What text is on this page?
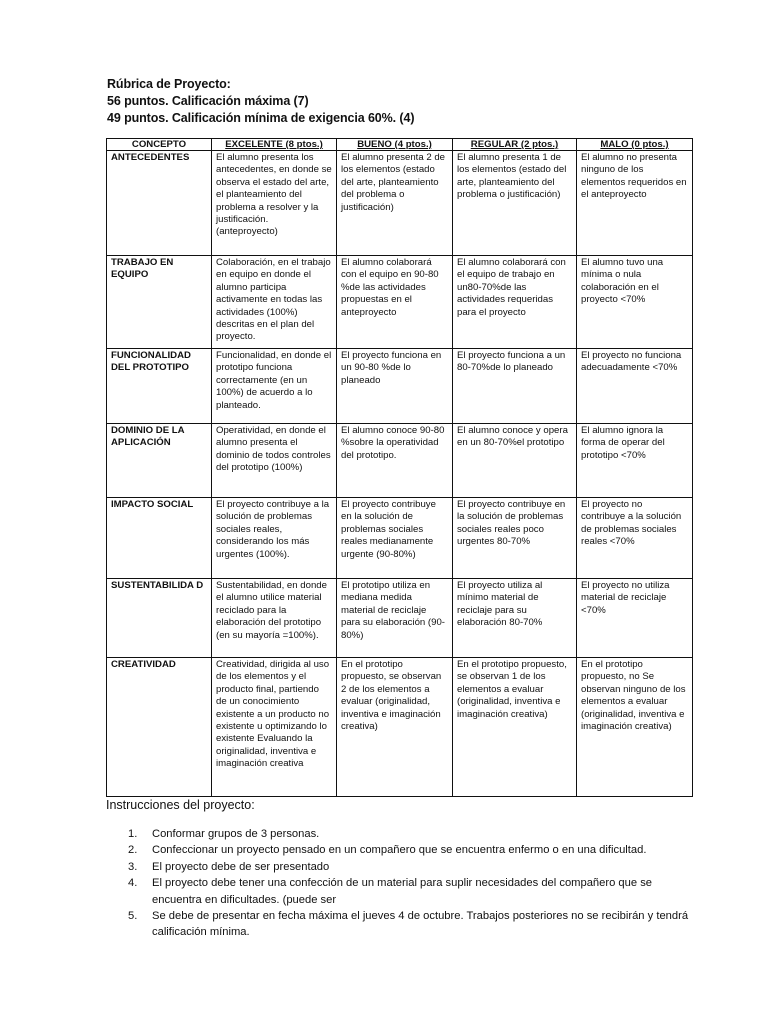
Rúbrica de Proyecto:
56 puntos. Calificación máxima (7)
49 puntos. Calificación mínima de exigencia 60%. (4)
CONCEPTO	EXCELENTE (8 ptos.)	BUENO (4 ptos.)	REGULAR (2 ptos.)	MALO (0 ptos.)
ANTECEDENTES	El alumno presenta los antecedentes, en donde se observa el estado del arte, el planteamiento del problema a resolver y la justificación. (anteproyecto)	El alumno presenta 2 de los elementos (estado del arte, planteamiento del problema o justificación)	El alumno presenta 1 de los elementos (estado del arte, planteamiento del problema o justificación)	El alumno no presenta ninguno de los elementos requeridos en el anteproyecto
TRABAJO EN EQUIPO	Colaboración, en el trabajo en equipo en donde el alumno participa activamente en todas las actividades (100%) descritas en el plan del proyecto.	El alumno colaborará con el equipo en 90-80 %de las actividades propuestas en el anteproyecto	El alumno colaborará con el equipo de trabajo en un80-70%de las actividades requeridas para el proyecto	El alumno tuvo una mínima o nula colaboración en el proyecto <70%
FUNCIONALIDAD DEL PROTOTIPO	Funcionalidad, en donde el prototipo funciona correctamente (en un 100%) de acuerdo a lo planteado.	El proyecto funciona en un 90-80 %de lo planeado	El proyecto funciona a un 80-70%de lo planeado	El proyecto no funciona adecuadamente <70%
DOMINIO DE LA APLICACIÓN	Operatividad, en donde el alumno presenta el dominio de todos controles del prototipo (100%)	El alumno conoce 90-80 %sobre la operatividad del prototipo.	El alumno conoce y opera en un 80-70%el prototipo	El alumno ignora la forma de operar del prototipo <70%
IMPACTO SOCIAL	El proyecto contribuye a la solución de problemas sociales reales, considerando los más urgentes (100%).	El proyecto contribuye en la solución de problemas sociales reales medianamente urgente (90-80%)	El proyecto contribuye en la solución de problemas sociales reales poco urgentes 80-70%	El proyecto no contribuye a la solución de problemas sociales reales <70%
SUSTENTABILIDA D	Sustentabilidad, en donde el alumno utilice material reciclado para la elaboración del prototipo (en su mayoría =100%).	El prototipo utiliza en mediana medida material de reciclaje para su elaboración (90-80%)	El proyecto utiliza al mínimo material de reciclaje para su elaboración 80-70%	El proyecto no utiliza material de reciclaje <70%
CREATIVIDAD	Creatividad, dirigida al uso de los elementos y el producto final, partiendo de un conocimiento existente a un producto no existente u optimizando lo existente Evaluando la originalidad, inventiva e imaginación creativa	En el prototipo propuesto, se observan 2 de los elementos a evaluar (originalidad, inventiva e imaginación creativa)	En el prototipo propuesto, se observan 1 de los elementos a evaluar (originalidad, inventiva e imaginación creativa)	En el prototipo propuesto, no Se observan ninguno de los elementos a evaluar (originalidad, inventiva e imaginación creativa)
Instrucciones del proyecto:
1. Conformar grupos de 3 personas.
2. Confeccionar un proyecto pensado en un compañero que se encuentra enfermo o en una dificultad.
3. El proyecto debe de ser presentado
4. El proyecto debe tener una confección de un material para suplir necesidades del compañero que se encuentra en dificultades. (puede ser
5. Se debe de presentar en fecha máxima el jueves 4 de octubre. Trabajos posteriores no se recibirán y tendrá calificación mínima.
